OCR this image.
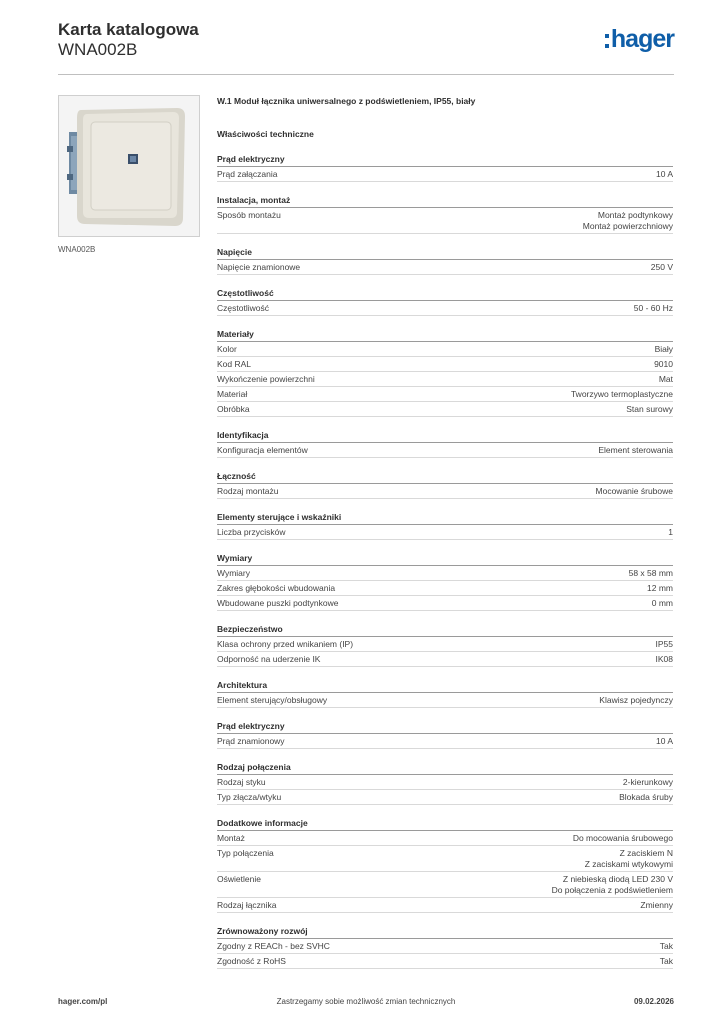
Karta katalogowa
WNA002B	hager
WNA002B
W.1 Moduł łącznika uniwersalnego z podświetleniem, IP55, biały
Właściwości techniczne
Prąd elektryczny
Prąd załączania	10 A
Instalacja, montaż
Sposób montażu	Montaż podtynkowy
Montaż powierzchniowy
Napięcie
Napięcie znamionowe	250 V
Częstotliwość
Częstotliwość	50 - 60 Hz
Materiały
Kolor	Biały
Kod RAL	9010
Wykończenie powierzchni	Mat
Materiał	Tworzywo termoplastyczne
Obróbka	Stan surowy
Identyfikacja
Konfiguracja elementów	Element sterowania
Łączność
Rodzaj montażu	Mocowanie śrubowe
Elementy sterujące i wskaźniki
Liczba przycisków	1
Wymiary
Wymiary	58 x 58 mm
Zakres głębokości wbudowania	12 mm
Wbudowane puszki podtynkowe	0 mm
Bezpieczeństwo
Klasa ochrony przed wnikaniem (IP)	IP55
Odporność na uderzenie IK	IK08
Architektura
Element sterujący/obsługowy	Klawisz pojedynczy
Prąd elektryczny
Prąd znamionowy	10 A
Rodzaj połączenia
Rodzaj styku	2-kierunkowy
Typ złącza/wtyku	Blokada śruby
Dodatkowe informacje
Montaż	Do mocowania śrubowego
Typ połączenia	Z zaciskiem N
Z zaciskami wtykowymi
Oświetlenie	Z niebieską diodą LED 230 V
Do połączenia z podświetleniem
Rodzaj łącznika	Zmienny
Zrównoważony rozwój
Zgodny z REACh - bez SVHC	Tak
Zgodność z RoHS	Tak
Zastrzegamy sobie możliwość zmian technicznych
hager.com/pl	09.02.2026
